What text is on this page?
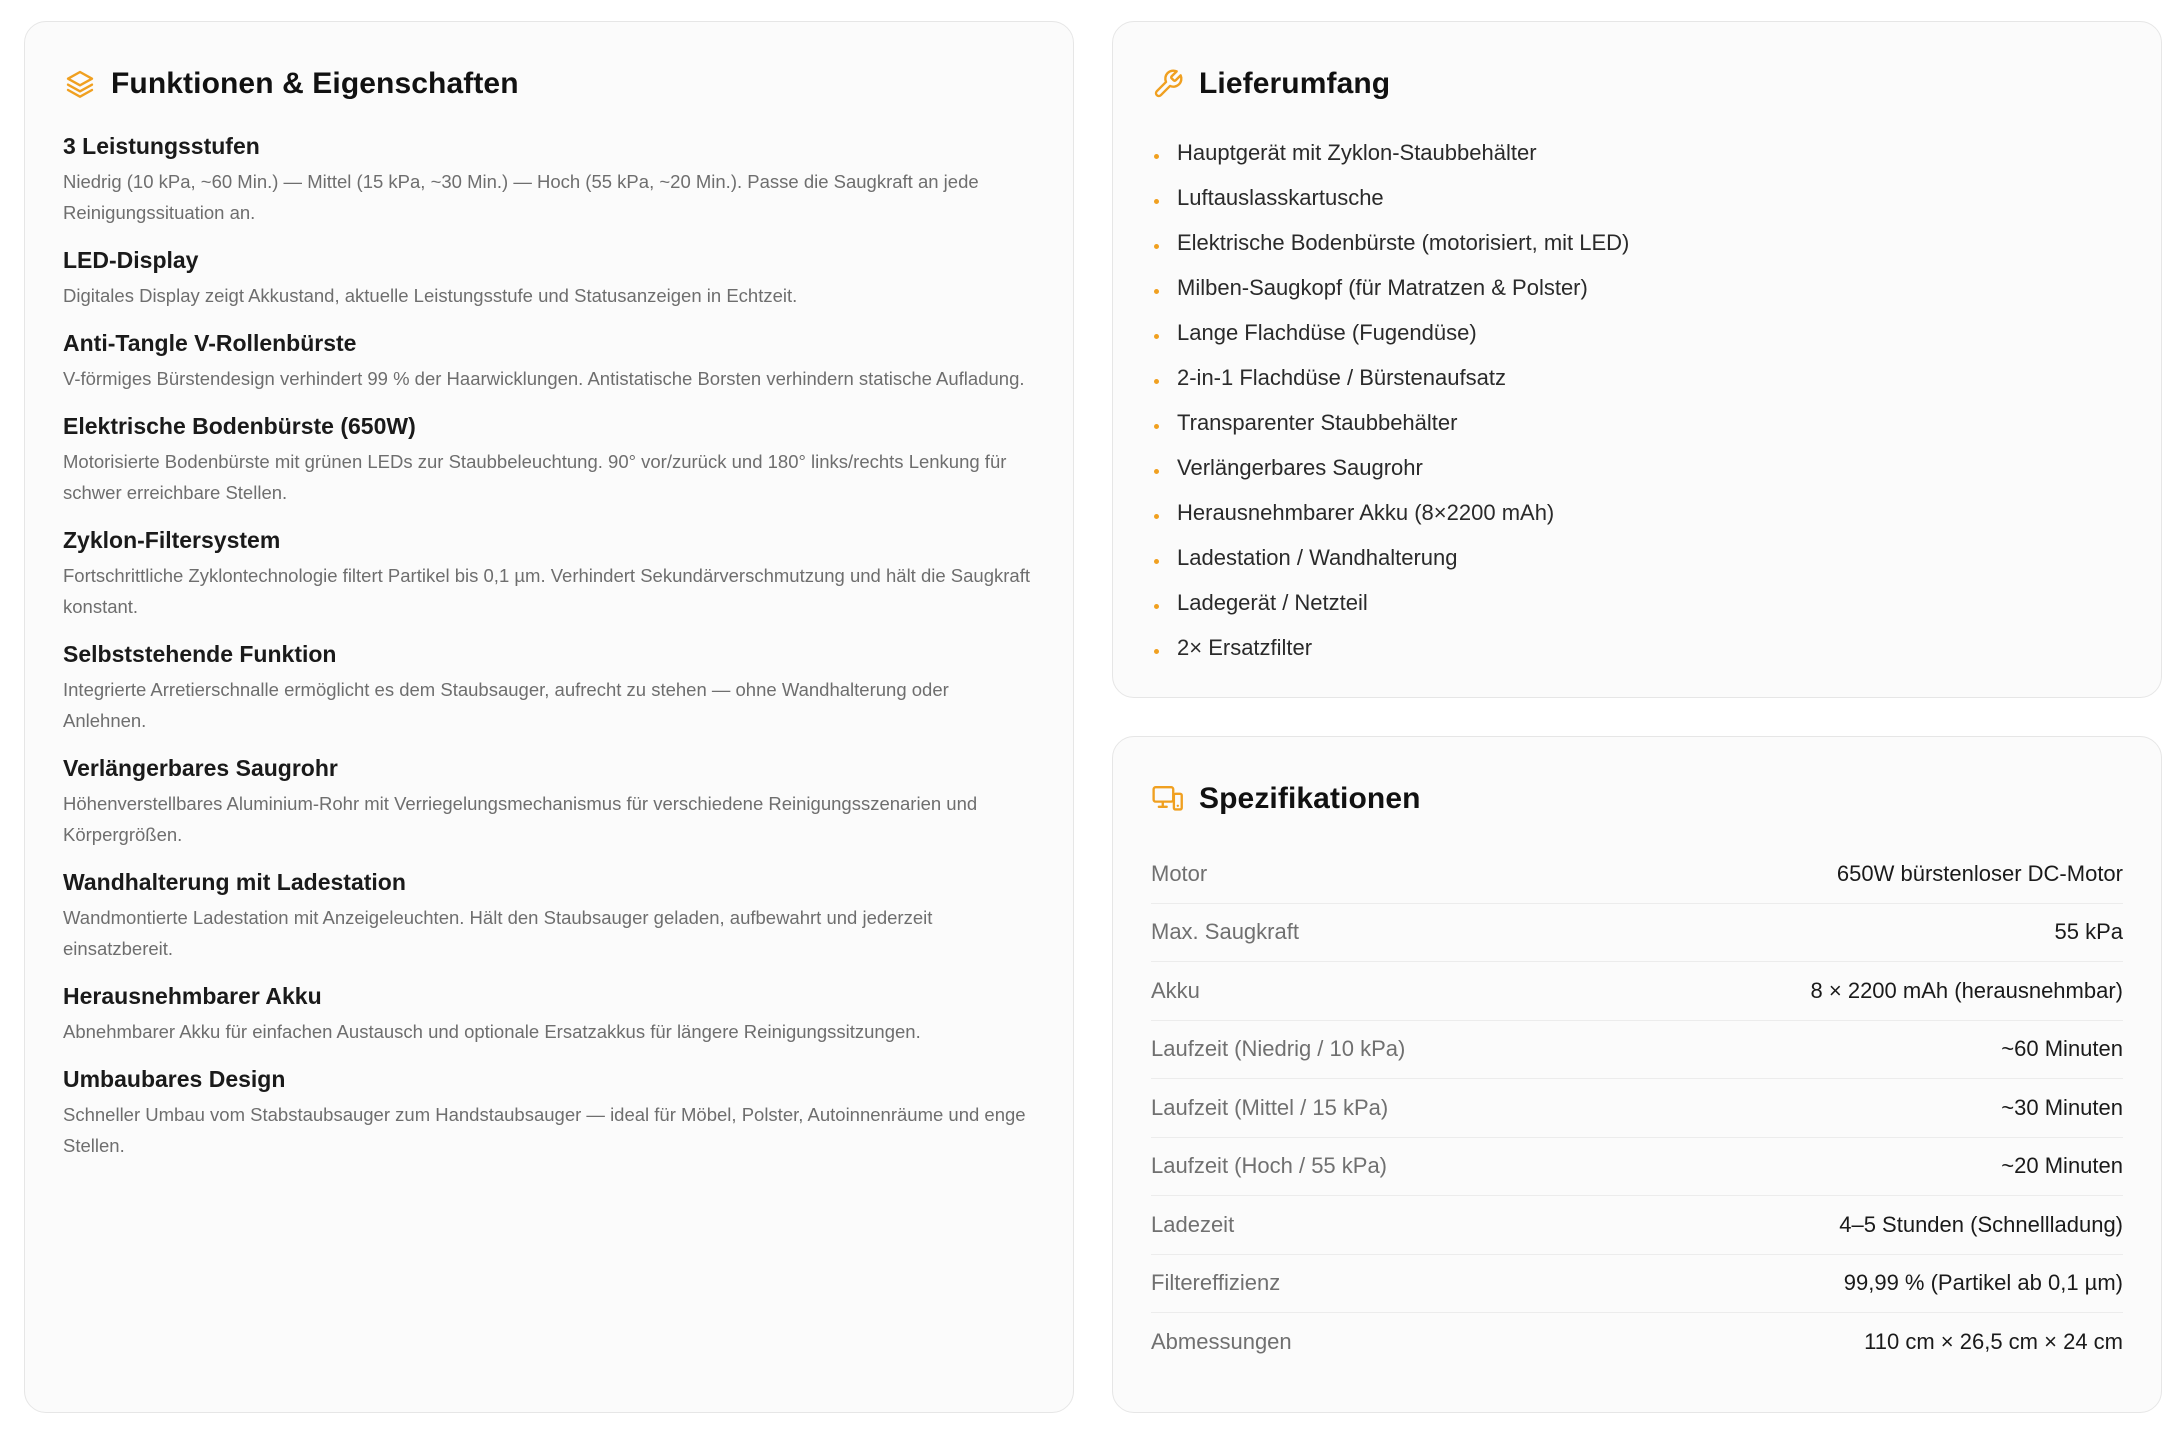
Funktionen & Eigenschaften
3 Leistungsstufen
Niedrig (10 kPa, ~60 Min.) — Mittel (15 kPa, ~30 Min.) — Hoch (55 kPa, ~20 Min.). Passe die Saugkraft an jede Reinigungssituation an.
LED-Display
Digitales Display zeigt Akkustand, aktuelle Leistungsstufe und Statusanzeigen in Echtzeit.
Anti-Tangle V-Rollenbürste
V-förmiges Bürstendesign verhindert 99 % der Haarwicklungen. Antistatische Borsten verhindern statische Aufladung.
Elektrische Bodenbürste (650W)
Motorisierte Bodenbürste mit grünen LEDs zur Staubbeleuchtung. 90° vor/zurück und 180° links/rechts Lenkung für schwer erreichbare Stellen.
Zyklon-Filtersystem
Fortschrittliche Zyklontechnologie filtert Partikel bis 0,1 µm. Verhindert Sekundärverschmutzung und hält die Saugkraft konstant.
Selbststehende Funktion
Integrierte Arretierschnalle ermöglicht es dem Staubsauger, aufrecht zu stehen — ohne Wandhalterung oder Anlehnen.
Verlängerbares Saugrohr
Höhenverstellbares Aluminium-Rohr mit Verriegelungsmechanismus für verschiedene Reinigungsszenarien und Körpergrößen.
Wandhalterung mit Ladestation
Wandmontierte Ladestation mit Anzeigeleuchten. Hält den Staubsauger geladen, aufbewahrt und jederzeit einsatzbereit.
Herausnehmbarer Akku
Abnehmbarer Akku für einfachen Austausch und optionale Ersatzakkus für längere Reinigungssitzungen.
Umbaubares Design
Schneller Umbau vom Stabstaubsauger zum Handstaubsauger — ideal für Möbel, Polster, Autoinnenräume und enge Stellen.
Lieferumfang
Hauptgerät mit Zyklon-Staubbehälter
Luftauslasskartusche
Elektrische Bodenbürste (motorisiert, mit LED)
Milben-Saugkopf (für Matratzen & Polster)
Lange Flachdüse (Fugendüse)
2-in-1 Flachdüse / Bürstenaufsatz
Transparenter Staubbehälter
Verlängerbares Saugrohr
Herausnehmbarer Akku (8×2200 mAh)
Ladestation / Wandhalterung
Ladegerät / Netzteil
2× Ersatzfilter
Spezifikationen
Motor	650W bürstenloser DC-Motor
Max. Saugkraft	55 kPa
Akku	8 × 2200 mAh (herausnehmbar)
Laufzeit (Niedrig / 10 kPa)	~60 Minuten
Laufzeit (Mittel / 15 kPa)	~30 Minuten
Laufzeit (Hoch / 55 kPa)	~20 Minuten
Ladezeit	4–5 Stunden (Schnellladung)
Filtereffizienz	99,99 % (Partikel ab 0,1 µm)
Abmessungen	110 cm × 26,5 cm × 24 cm
